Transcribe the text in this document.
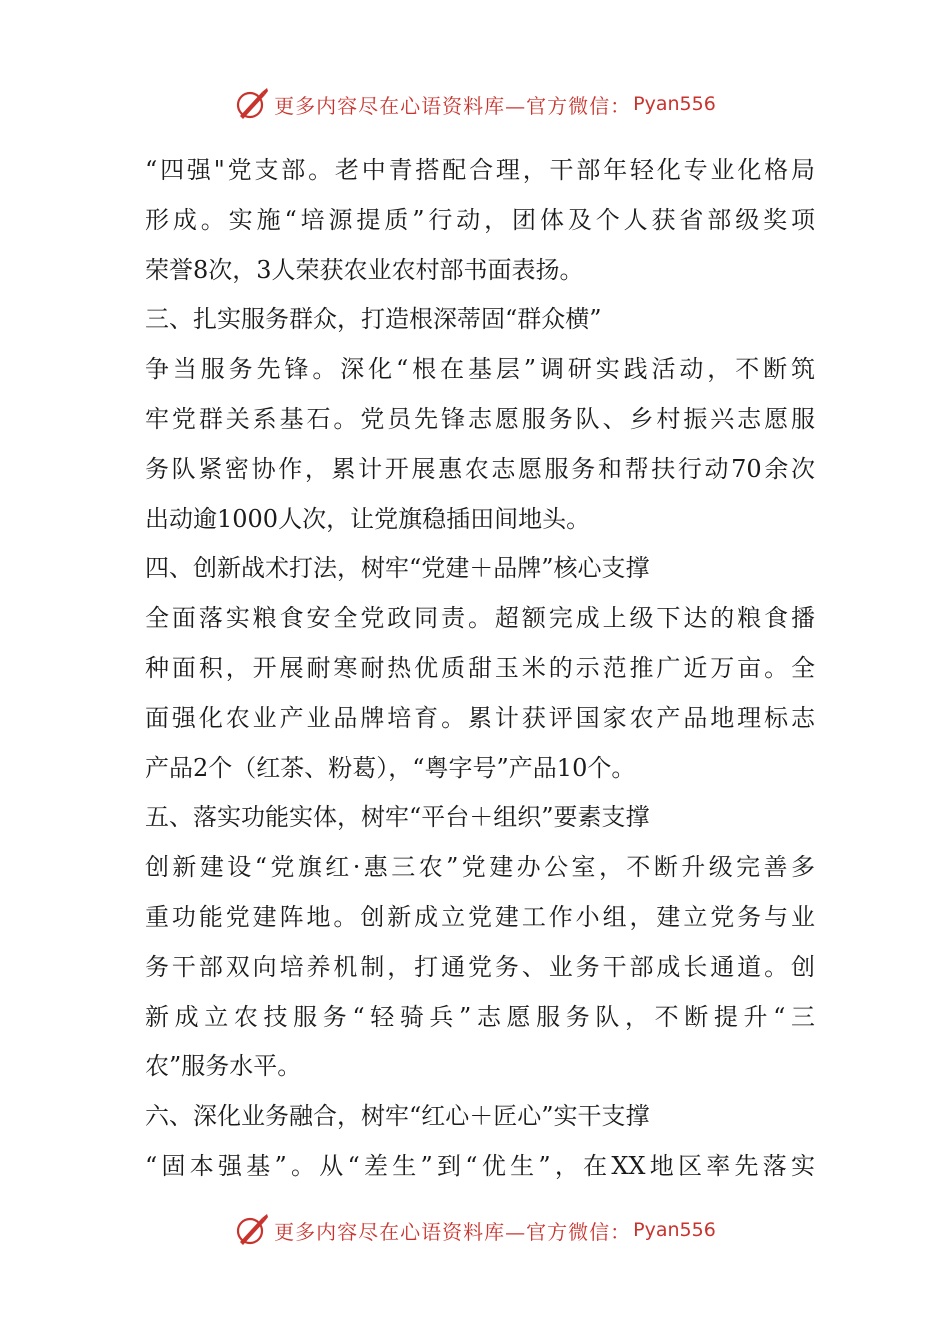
更多内容尽在心语资料库—官方微信： Pyan556
“四强"党支部。老中青搭配合理，干部年轻化专业化格局
形成。实施“培源提质”行动，团体及个人获省部级奖项
荣誉8次，3人荣获农业农村部书面表扬。
三、扎实服务群众，打造根深蒂固“群众横”
争当服务先锋。深化“根在基层”调研实践活动，不断筑
牢党群关系基石。党员先锋志愿服务队、乡村振兴志愿服
务队紧密协作，累计开展惠农志愿服务和帮扶行动70余次
出动逾1000人次，让党旗稳插田间地头。
四、创新战术打法，树牢“党建＋品牌”核心支撑
全面落实粮食安全党政同责。超额完成上级下达的粮食播
种面积，开展耐寒耐热优质甜玉米的示范推广近万亩。全
面强化农业产业品牌培育。累计获评国家农产品地理标志
产品2个（红茶、粉葛），“粤字号”产品10个。
五、落实功能实体，树牢“平台＋组织”要素支撑
创新建设“党旗红·惠三农”党建办公室，不断升级完善多
重功能党建阵地。创新成立党建工作小组，建立党务与业
务干部双向培养机制，打通党务、业务干部成长通道。创
新成立农技服务“轻骑兵”志愿服务队，不断提升“三
农”服务水平。
六、深化业务融合，树牢“红心＋匠心”实干支撑
“固本强基”。从“差生”到“优生”，在XX地区率先落实
更多内容尽在心语资料库—官方微信： Pyan556
